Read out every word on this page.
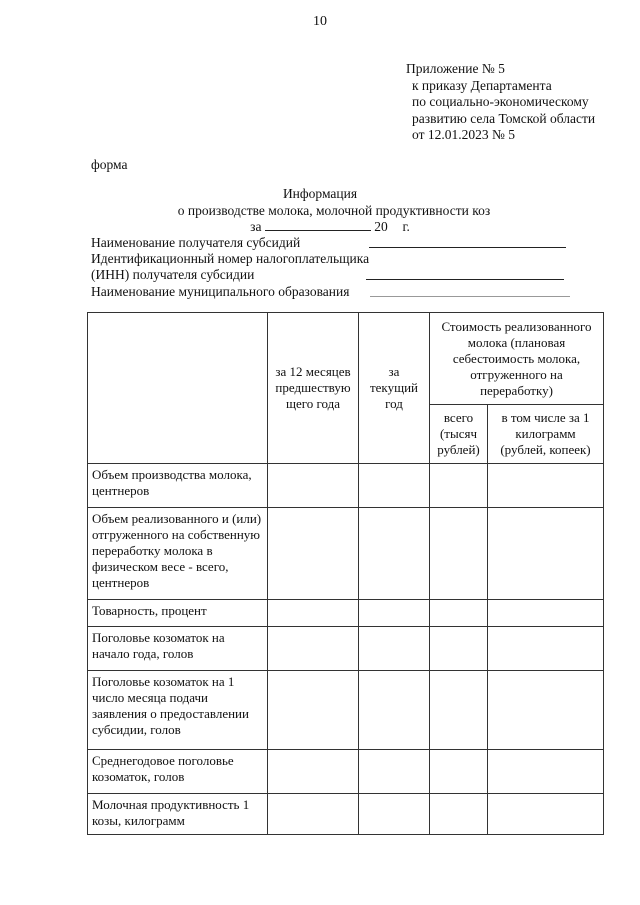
10
Приложение № 5
к приказу Департамента
по социально-экономическому
развитию села Томской области
от 12.01.2023 № 5
форма
Информация
о производстве молока, молочной продуктивности коз
за	20 г.
Наименование получателя субсидий
Идентификационный номер налогоплательщика
(ИНН) получателя субсидии
Наименование муниципального образования
	за 12 месяцев предшествую щего года	за текущий год	Стоимость реализованного молока (плановая себестоимость молока, отгруженного на переработку)	
			всего (тысяч рублей)	в том числе за 1 килограмм (рублей, копеек)
Объем производства молока, центнеров				
Объем реализованного и (или) отгруженного на собственную переработку молока в физическом весе - всего, центнеров				
Товарность, процент				
Поголовье козоматок на начало года, голов				
Поголовье козоматок на 1 число месяца подачи заявления о предоставлении субсидии, голов				
Среднегодовое поголовье козоматок, голов				
Молочная продуктивность 1 козы, килограмм				
